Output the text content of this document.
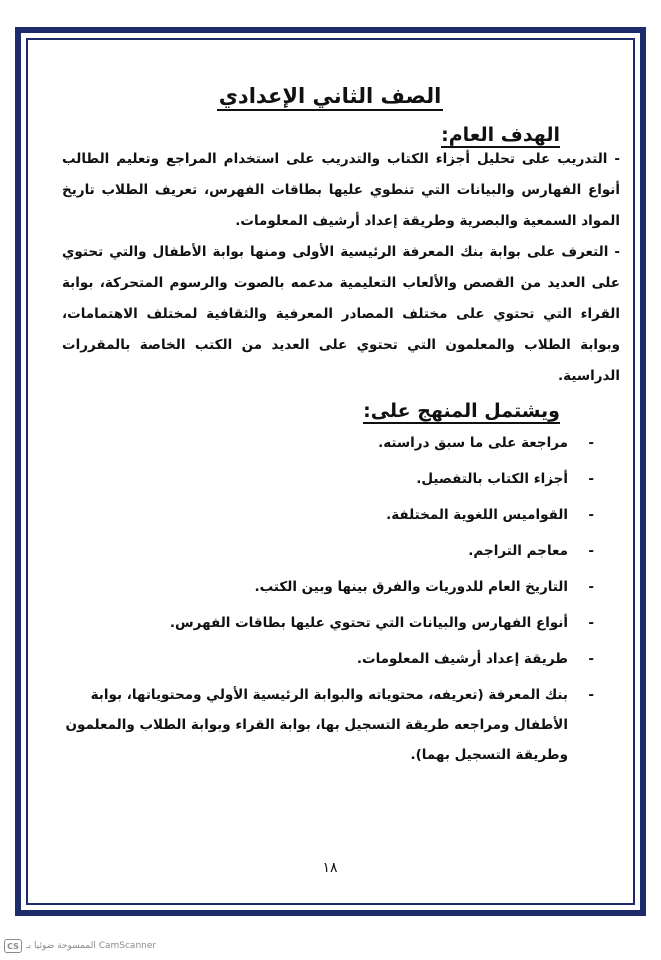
الصف الثاني الإعدادي
الهدف العام:
- التدريب على تحليل أجزاء الكتاب والتدريب على استخدام المراجع وتعليم الطالب أنواع الفهارس والبيانات التي تنطوي عليها بطاقات الفهرس، تعريف الطلاب تاريخ المواد السمعية والبصرية وطريقة إعداد أرشيف المعلومات.
- التعرف على بوابة بنك المعرفة الرئيسية الأولى ومنها بوابة الأطفال والتي تحتوي على العديد من القصص والألعاب التعليمية مدعمه بالصوت والرسوم المتحركة، بوابة القراء التي تحتوي على مختلف المصادر المعرفية والثقافية لمختلف الاهتمامات، وبوابة الطلاب والمعلمون التي تحتوي على العديد من الكتب الخاصة بالمقررات الدراسية.
ويشتمل المنهج على:
-
مراجعة على ما سبق دراسته.
-
أجزاء الكتاب بالتفصيل.
-
القواميس اللغوية المختلفة.
-
معاجم التراجم.
-
التاريخ العام للدوريات والفرق بينها وبين الكتب.
-
أنواع الفهارس والبيانات التي تحتوي عليها بطاقات الفهرس.
-
طريقة إعداد أرشيف المعلومات.
-
بنك المعرفة (تعريفه، محتوياته والبوابة الرئيسية الأولي ومحتوياتها، بوابة الأطفال ومراجعه طريقة التسجيل بها، بوابة القراء وبوابة الطلاب والمعلمون وطريقة التسجيل بهما).
١٨
CS الممسوحة ضوئيا بـ CamScanner
